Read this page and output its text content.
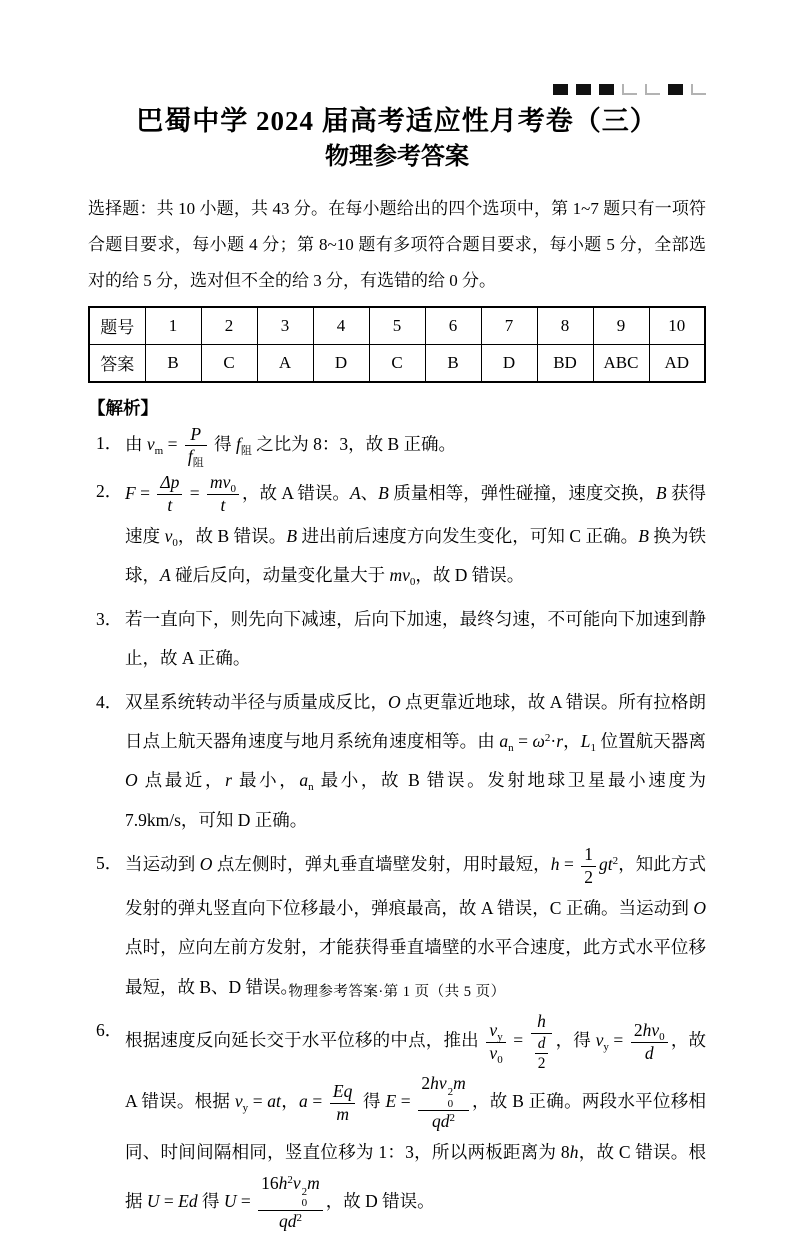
巴蜀中学 2024 届高考适应性月考卷（三）
物理参考答案

选择题：共 10 小题，共 43 分。在每小题给出的四个选项中，第 1~7 题只有一项符合题目要求，每小题 4 分；第 8~10 题有多项符合题目要求，每小题 5 分，全部选对的给 5 分，选对但不全的给 3 分，有选错的给 0 分。

题号	1	2	3	4	5	6	7	8	9	10
答案	B	C	A	D	C	B	D	BD	ABC	AD
【解析】
1． 由 $v_m = \frac{P}{f_阻}$ 得 $f_阻$ 之比为 8：3，故 B 正确。
2． $F = \frac{\Delta p}{t} = \frac{mv_0}{t}$ ，故 A 错误。A、B 质量相等，弹性碰撞，速度交换，B 获得速度 $v_0$，故 B 错误。B 进出前后速度方向发生变化，可知 C 正确。B 换为铁球，A 碰后反向，动量变化量大于 $mv_0$，故 D 错误。
3． 若一直向下，则先向下减速，后向下加速，最终匀速，不可能向下加速到静止，故 A 正确。
4． 双星系统转动半径与质量成反比，O 点更靠近地球，故 A 错误。所有拉格朗日点上航天器角速度与地月系统角速度相等。由 $a_n = \omega^2\cdot r$，$L_1$ 位置航天器离 O 点最近，r 最小，$a_n$ 最小，故 B 错误。发射地球卫星最小速度为 7.9km/s，可知 D 正确。
5． 当运动到 O 点左侧时，弹丸垂直墙壁发射，用时最短，$h = \frac{1}{2} gt^2$，知此方式发射的弹丸竖直向下位移最小，弹痕最高，故 A 错误，C 正确。当运动到 O 点时，应向左前方发射，才能获得垂直墙壁的水平合速度，此方式水平位移最短，故 B、D 错误。
6．
根据速度反向延长交于水平位移的中点，推出 $\frac{v_y}{v_0} = \frac{h}{\frac{d}{2}}$ ，得 $v_y = \frac{2hv_0}{d}$ ，故 A 错误。根据 $v_y$ = at，$a = \frac{Eq}{m}$ 得 E = 2hv 2
0
m
$qd^2$ ，故 B 正确。两段水平位移相同、时间间隔相同，竖直位移为 1：3，所以两板距离为 8h，故 C 错误。根据 U = Ed 得 $U = 16h^2v$ 2
0
m
$qd^2$ ，故 D 错误。
物理参考答案·第 1 页（共 5 页）
